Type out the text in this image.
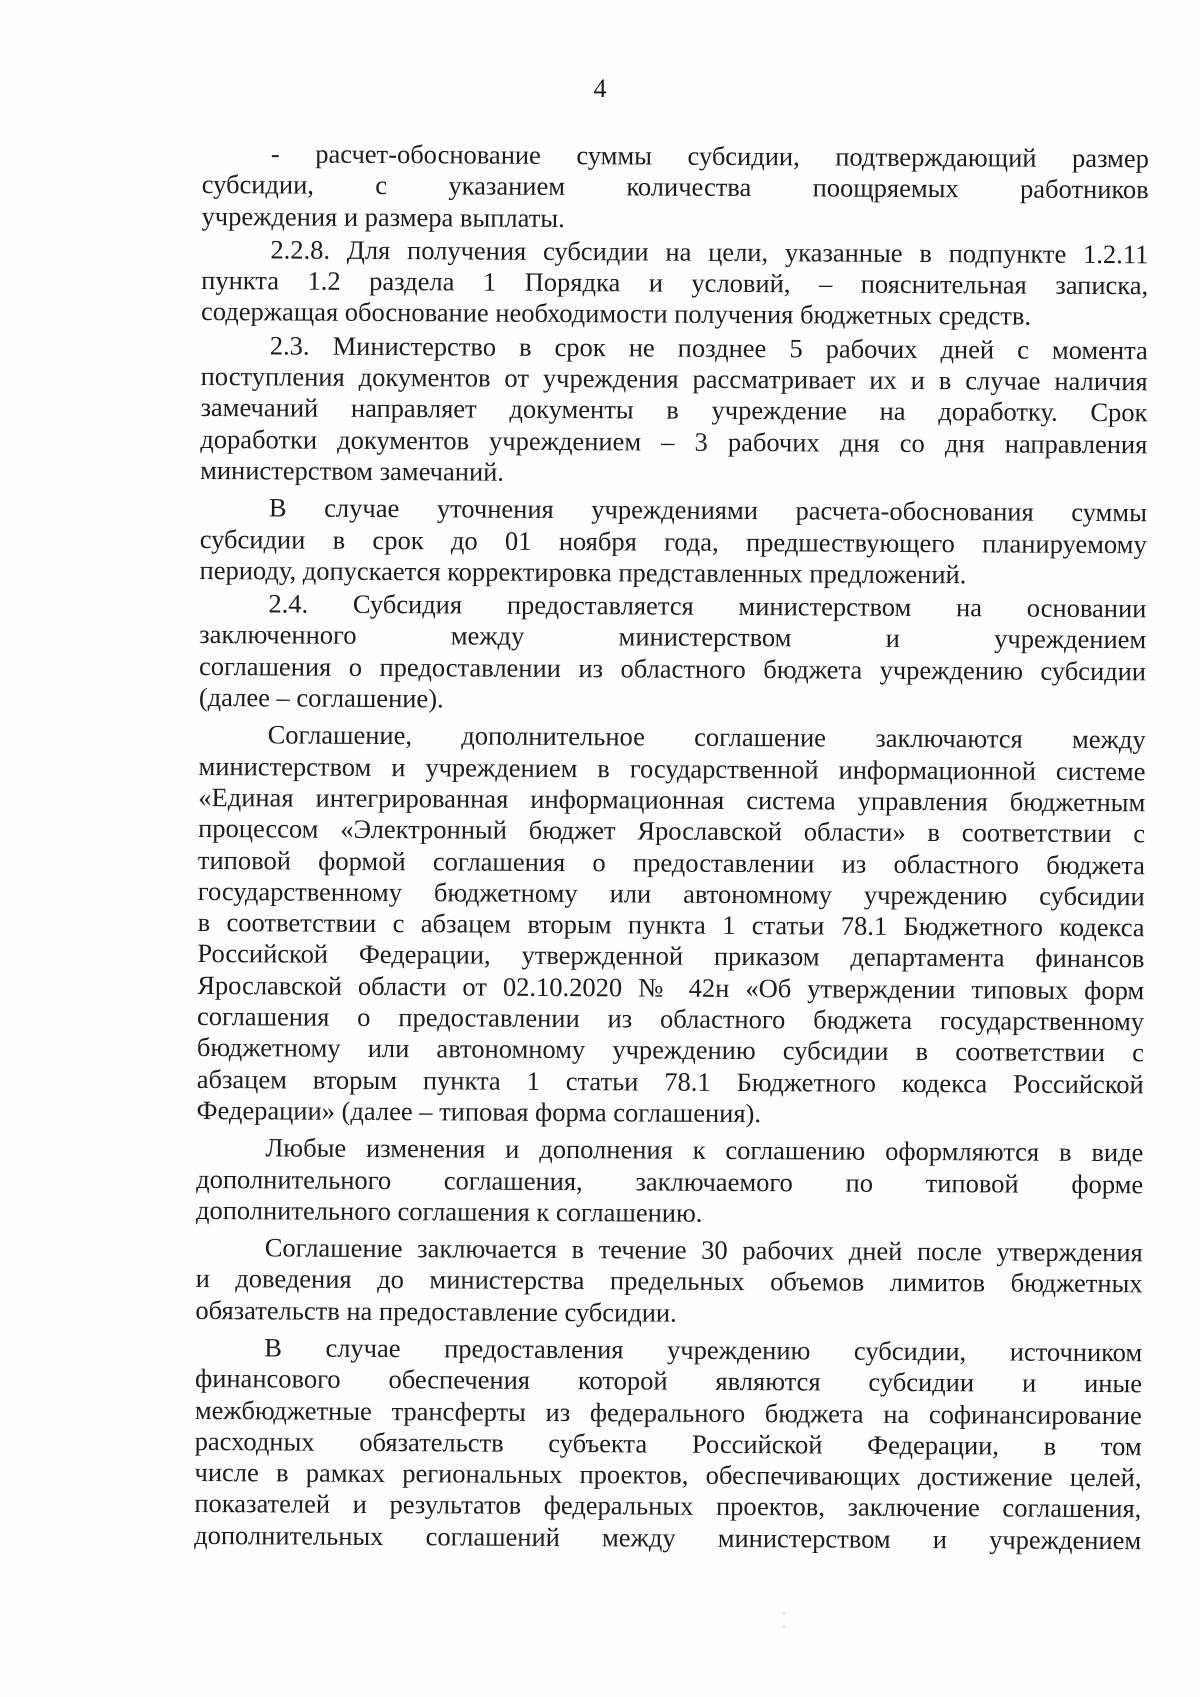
4
- расчет-обоснование суммы субсидии, подтверждающий размер
субсидии, с указанием количества поощряемых работников
учреждения и размера выплаты.
2.2.8. Для получения субсидии на цели, указанные в подпункте 1.2.11
пункта 1.2 раздела 1 Порядка и условий, – пояснительная записка,
содержащая обоснование необходимости получения бюджетных средств.
2.3. Министерство в срок не позднее 5 рабочих дней с момента
поступления документов от учреждения рассматривает их и в случае наличия
замечаний направляет документы в учреждение на доработку. Срок
доработки документов учреждением – 3 рабочих дня со дня направления
министерством замечаний.
В случае уточнения учреждениями расчета-обоснования суммы
субсидии в срок до 01 ноября года, предшествующего планируемому
периоду, допускается корректировка представленных предложений.
2.4. Субсидия предоставляется министерством на основании
заключенного между министерством и учреждением
соглашения о предоставлении из областного бюджета учреждению субсидии
(далее – соглашение).
Соглашение, дополнительное соглашение заключаются между
министерством и учреждением в государственной информационной системе
«Единая интегрированная информационная система управления бюджетным
процессом «Электронный бюджет Ярославской области» в соответствии с
типовой формой соглашения о предоставлении из областного бюджета
государственному бюджетному или автономному учреждению субсидии
в соответствии с абзацем вторым пункта 1 статьи 78.1 Бюджетного кодекса
Российской Федерации, утвержденной приказом департамента финансов
Ярославской области от 02.10.2020 № 42н «Об утверждении типовых форм
соглашения о предоставлении из областного бюджета государственному
бюджетному или автономному учреждению субсидии в соответствии с
абзацем вторым пункта 1 статьи 78.1 Бюджетного кодекса Российской
Федерации» (далее – типовая форма соглашения).
Любые изменения и дополнения к соглашению оформляются в виде
дополнительного соглашения, заключаемого по типовой форме
дополнительного соглашения к соглашению.
Соглашение заключается в течение 30 рабочих дней после утверждения
и доведения до министерства предельных объемов лимитов бюджетных
обязательств на предоставление субсидии.
В случае предоставления учреждению субсидии, источником
финансового обеспечения которой являются субсидии и иные
межбюджетные трансферты из федерального бюджета на софинансирование
расходных обязательств субъекта Российской Федерации, в том
числе в рамках региональных проектов, обеспечивающих достижение целей,
показателей и результатов федеральных проектов, заключение соглашения,
дополнительных соглашений между министерством и учреждением
